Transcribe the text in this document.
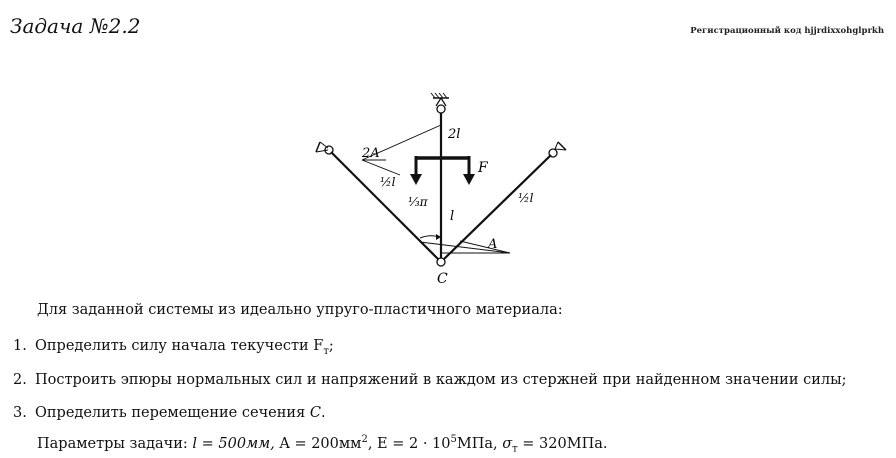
Задача №2.2	Регистрационный код hjjrdixxohglprkh
2l
2A
½l
⅓π
l
F
½l
A
C
Для заданной системы из идеально упруго-пластичного материала:
1. Определить силу начала текучести $F_т$;
2. Построить эпюры нормальных сил и напряжений в каждом из стержней при найденном значении силы;
3. Определить перемещение сечения C.
Параметры задачи: l = 500мм, $A = 200мм^2$, $E = 2 \cdot 10^5МПа$, $\sigma_т = 320МПа$.
